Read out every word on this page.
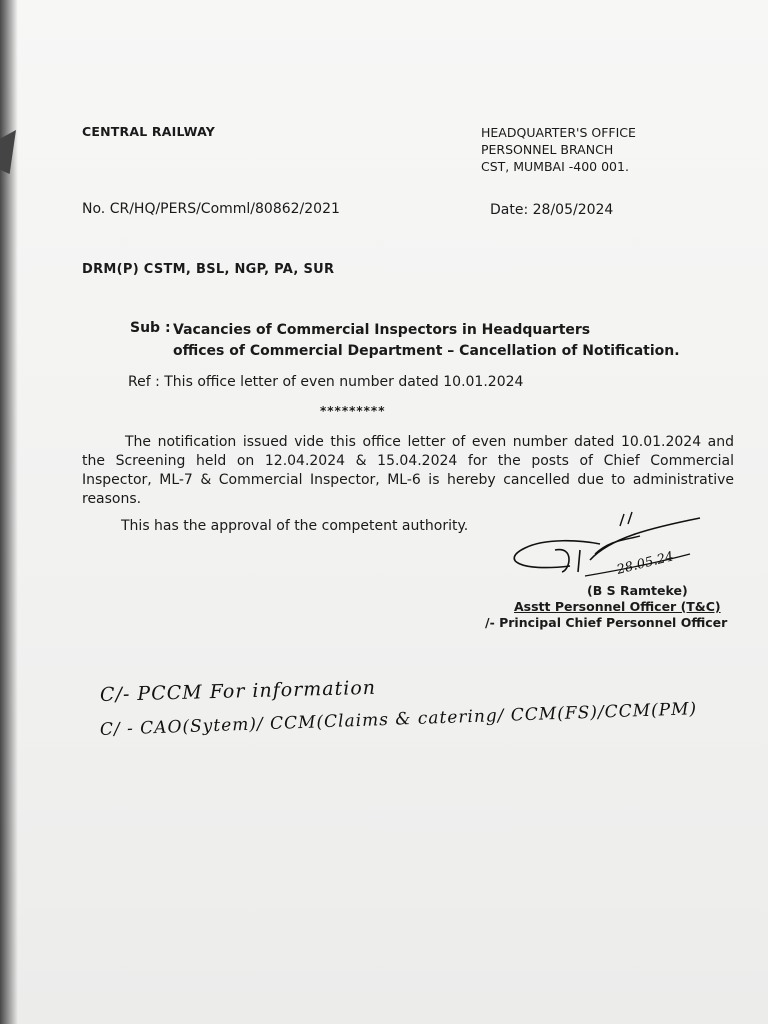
CENTRAL RAILWAY	HEADQUARTER'S OFFICE
PERSONNEL BRANCH
CST, MUMBAI -400 001.
No. CR/HQ/PERS/Comml/80862/2021	Date: 28/05/2024
DRM(P) CSTM, BSL, NGP, PA, SUR
Sub : Vacancies of Commercial Inspectors in Headquarters
offices of Commercial Department – Cancellation of Notification.
Ref : This office letter of even number dated 10.01.2024
*********
The notification issued vide this office letter of even number dated 10.01.2024 and the Screening held on 12.04.2024 & 15.04.2024 for the posts of Chief Commercial Inspector, ML-7 & Commercial Inspector, ML-6 is hereby cancelled due to administrative reasons.
This has the approval of the competent authority.
28.05.24
(B S Ramteke)
Asstt Personnel Officer (T&C)
/- Principal Chief Personnel Officer
C/- PCCM For information
C/ - CAO(Sytem)/ CCM(Claims & catering/ CCM(FS)/CCM(PM)
